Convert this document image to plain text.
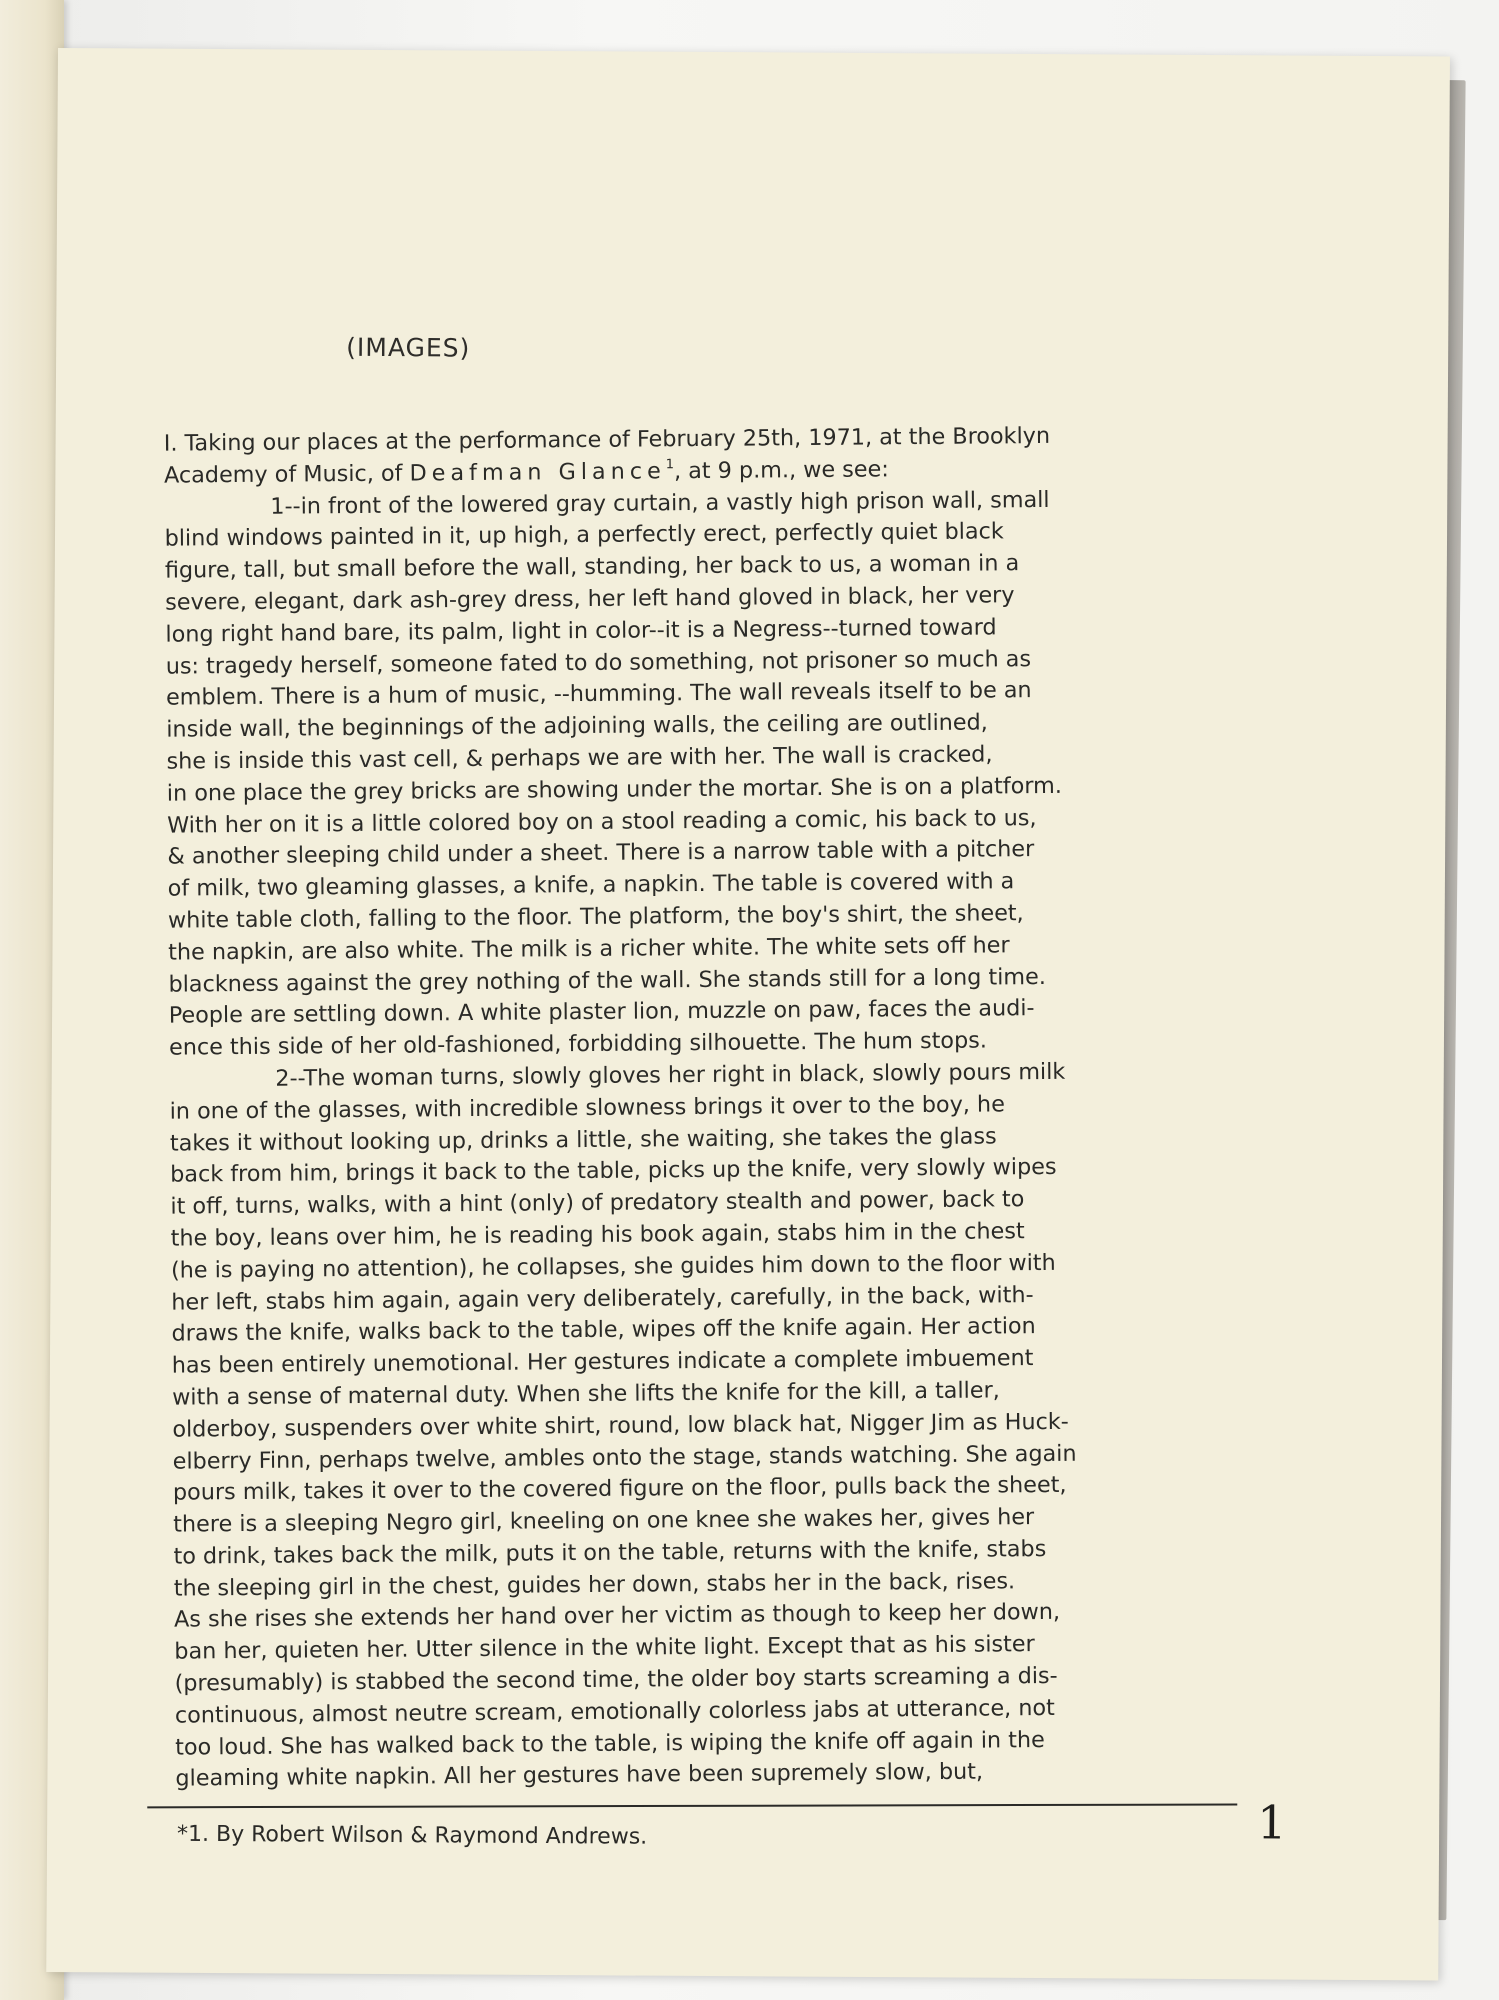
(IMAGES)
I. Taking our places at the performance of February 25th, 1971, at the Brooklyn
Academy of Music, of Deafman Glance$^1$, at 9 p.m., we see:
1--in front of the lowered gray curtain, a vastly high prison wall, small
blind windows painted in it, up high, a perfectly erect, perfectly quiet black
figure, tall, but small before the wall, standing, her back to us, a woman in a
severe, elegant, dark ash-grey dress, her left hand gloved in black, her very
long right hand bare, its palm, light in color--it is a Negress--turned toward
us: tragedy herself, someone fated to do something, not prisoner so much as
emblem. There is a hum of music, --humming. The wall reveals itself to be an
inside wall, the beginnings of the adjoining walls, the ceiling are outlined,
she is inside this vast cell, & perhaps we are with her. The wall is cracked,
in one place the grey bricks are showing under the mortar. She is on a platform.
With her on it is a little colored boy on a stool reading a comic, his back to us,
& another sleeping child under a sheet. There is a narrow table with a pitcher
of milk, two gleaming glasses, a knife, a napkin. The table is covered with a
white table cloth, falling to the floor. The platform, the boy's shirt, the sheet,
the napkin, are also white. The milk is a richer white. The white sets off her
blackness against the grey nothing of the wall. She stands still for a long time.
People are settling down. A white plaster lion, muzzle on paw, faces the audi-
ence this side of her old-fashioned, forbidding silhouette. The hum stops.
2--The woman turns, slowly gloves her right in black, slowly pours milk
in one of the glasses, with incredible slowness brings it over to the boy, he
takes it without looking up, drinks a little, she waiting, she takes the glass
back from him, brings it back to the table, picks up the knife, very slowly wipes
it off, turns, walks, with a hint (only) of predatory stealth and power, back to
the boy, leans over him, he is reading his book again, stabs him in the chest
(he is paying no attention), he collapses, she guides him down to the floor with
her left, stabs him again, again very deliberately, carefully, in the back, with-
draws the knife, walks back to the table, wipes off the knife again. Her action
has been entirely unemotional. Her gestures indicate a complete imbuement
with a sense of maternal duty. When she lifts the knife for the kill, a taller,
olderboy, suspenders over white shirt, round, low black hat, Nigger Jim as Huck-
elberry Finn, perhaps twelve, ambles onto the stage, stands watching. She again
pours milk, takes it over to the covered figure on the floor, pulls back the sheet,
there is a sleeping Negro girl, kneeling on one knee she wakes her, gives her
to drink, takes back the milk, puts it on the table, returns with the knife, stabs
the sleeping girl in the chest, guides her down, stabs her in the back, rises.
As she rises she extends her hand over her victim as though to keep her down,
ban her, quieten her. Utter silence in the white light. Except that as his sister
(presumably) is stabbed the second time, the older boy starts screaming a dis-
continuous, almost neutre scream, emotionally colorless jabs at utterance, not
too loud. She has walked back to the table, is wiping the knife off again in the
gleaming white napkin. All her gestures have been supremely slow, but,
*1. By Robert Wilson & Raymond Andrews.	1
